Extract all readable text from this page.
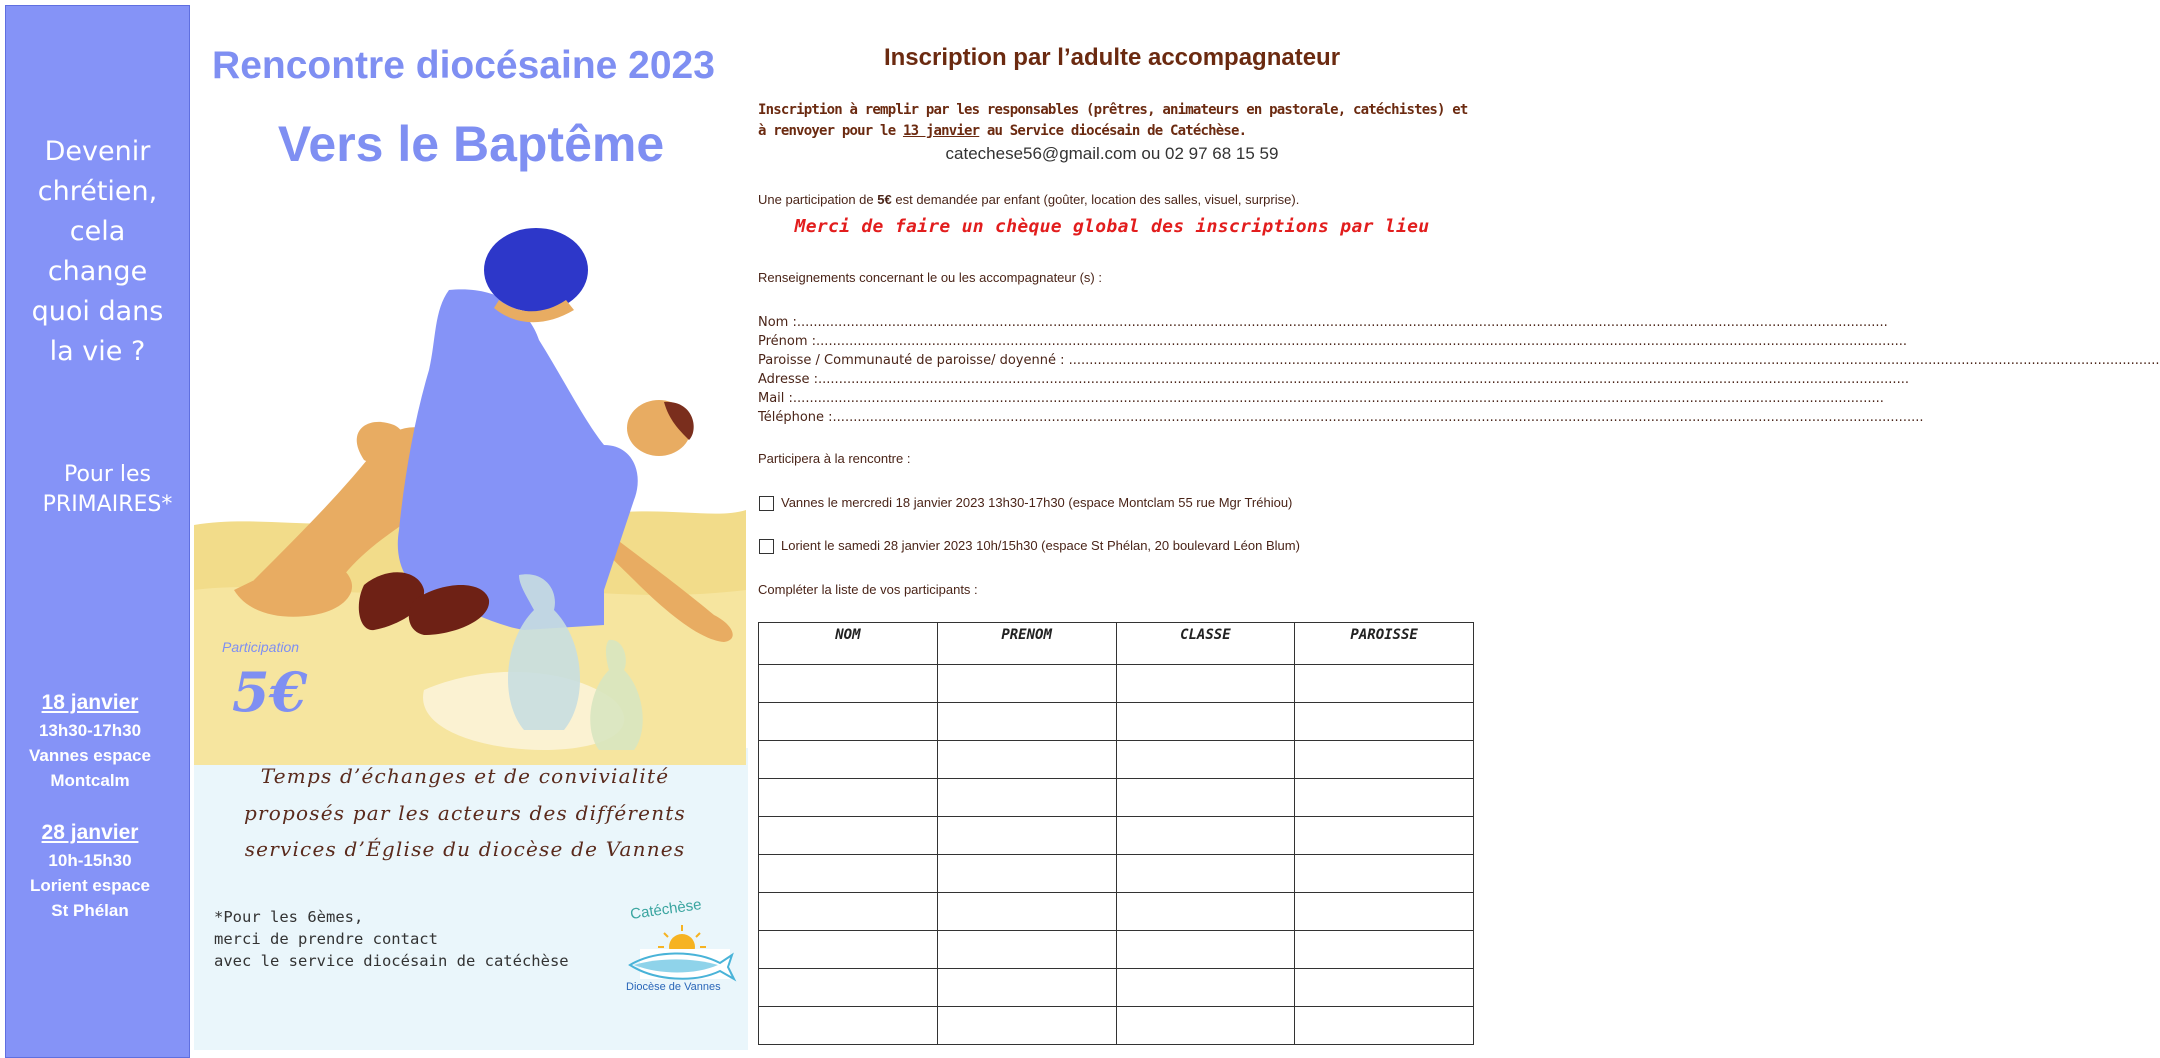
Devenir
chrétien,
cela
change
quoi dans
la vie ?
Pour les
PRIMAIRES*
18 janvier
13h30-17h30
Vannes espace
Montcalm
28 janvier
10h-15h30
Lorient espace
St Phélan
Rencontre diocésaine 2023
Vers le Baptême
Participation
5€
Temps d’échanges et de convivialité
proposés par les acteurs des différents
services d’Église du diocèse de Vannes
*Pour les 6èmes,
merci de prendre contact
avec le service diocésain de catéchèse
Catéchèse
Diocèse de Vannes
Inscription par l’adulte accompagnateur
Inscription à remplir par les responsables (prêtres, animateurs en pastorale, catéchistes) et à renvoyer pour le 13 janvier au Service diocésain de Catéchèse.
catechese56@gmail.com ou 02 97 68 15 59
Une participation de 5€ est demandée par enfant (goûter, location des salles, visuel, surprise).
Merci de faire un chèque global des inscriptions par lieu
Renseignements concernant le ou les accompagnateur (s) :
Nom :........................................................................................................................................................................................................................................................................
Prénom :........................................................................................................................................................................................................................................................................
Paroisse / Communauté de paroisse/ doyenné : ........................................................................................................................................................................................................................................................................
Adresse :........................................................................................................................................................................................................................................................................
Mail :........................................................................................................................................................................................................................................................................
Téléphone :........................................................................................................................................................................................................................................................................
Participera à la rencontre :
Vannes le mercredi 18 janvier 2023 13h30-17h30 (espace Montclam 55 rue Mgr Tréhiou)
Lorient le samedi 28 janvier 2023 10h/15h30 (espace St Phélan, 20 boulevard Léon Blum)
Compléter la liste de vos participants :
NOM	PRENOM	CLASSE	PAROISSE
